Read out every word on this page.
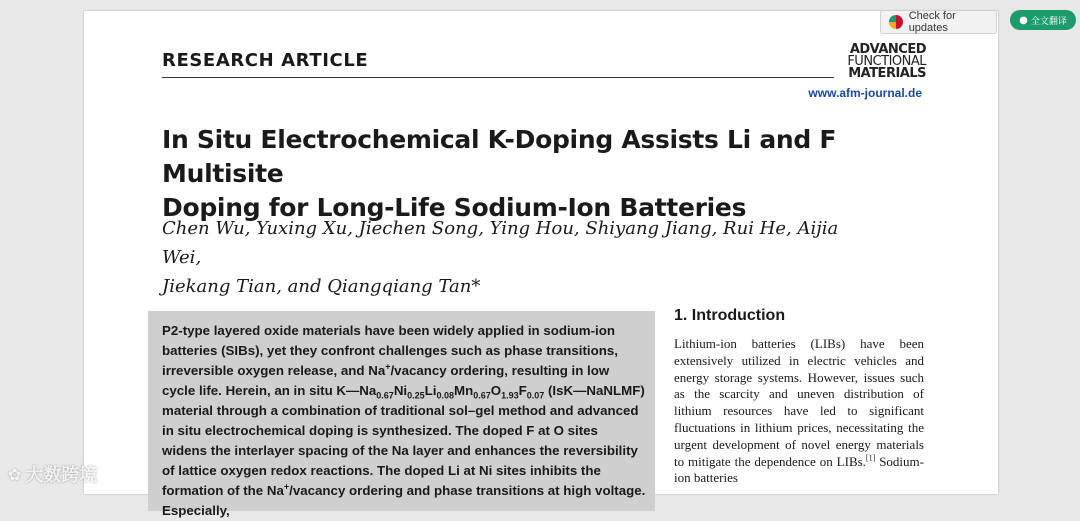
RESEARCH ARTICLE
ADVANCED
FUNCTIONAL
MATERIALS
www.afm-journal.de
In Situ Electrochemical K-Doping Assists Li and F Multisite
Doping for Long-Life Sodium-Ion Batteries

Chen Wu, Yuxing Xu, Jiechen Song, Ying Hou, Shiyang Jiang, Rui He, Aijia Wei,
Jiekang Tian, and Qiangqiang Tan*

P2-type layered oxide materials have been widely applied in sodium-ion batteries (SIBs), yet they confront challenges such as phase transitions, irreversible oxygen release, and Na+/vacancy ordering, resulting in low cycle life. Herein, an in situ $K—Na_{0.67}Ni_{0.25}Li_{0.08}Mn_{0.67}O_{1.93}F_{0.07}$ (IsK—NaNLMF) material through a combination of traditional sol–gel method and advanced in situ electrochemical doping is synthesized. The doped F at O sites widens the interlayer spacing of the Na layer and enhances the reversibility of lattice oxygen redox reactions. The doped Li at Ni sites inhibits the formation of the Na+/vacancy ordering and phase transitions at high voltage. Especially,

1. Introduction

Lithium-ion batteries (LIBs) have been extensively utilized in electric vehicles and energy storage systems. However, issues such as the scarcity and uneven distribution of lithium resources have led to significant fluctuations in lithium prices, necessitating the urgent development of novel energy materials to mitigate the dependence on LIBs.[1] Sodium-ion batteries

Check for updates
● 全文翻译
✿ 大数跨境
